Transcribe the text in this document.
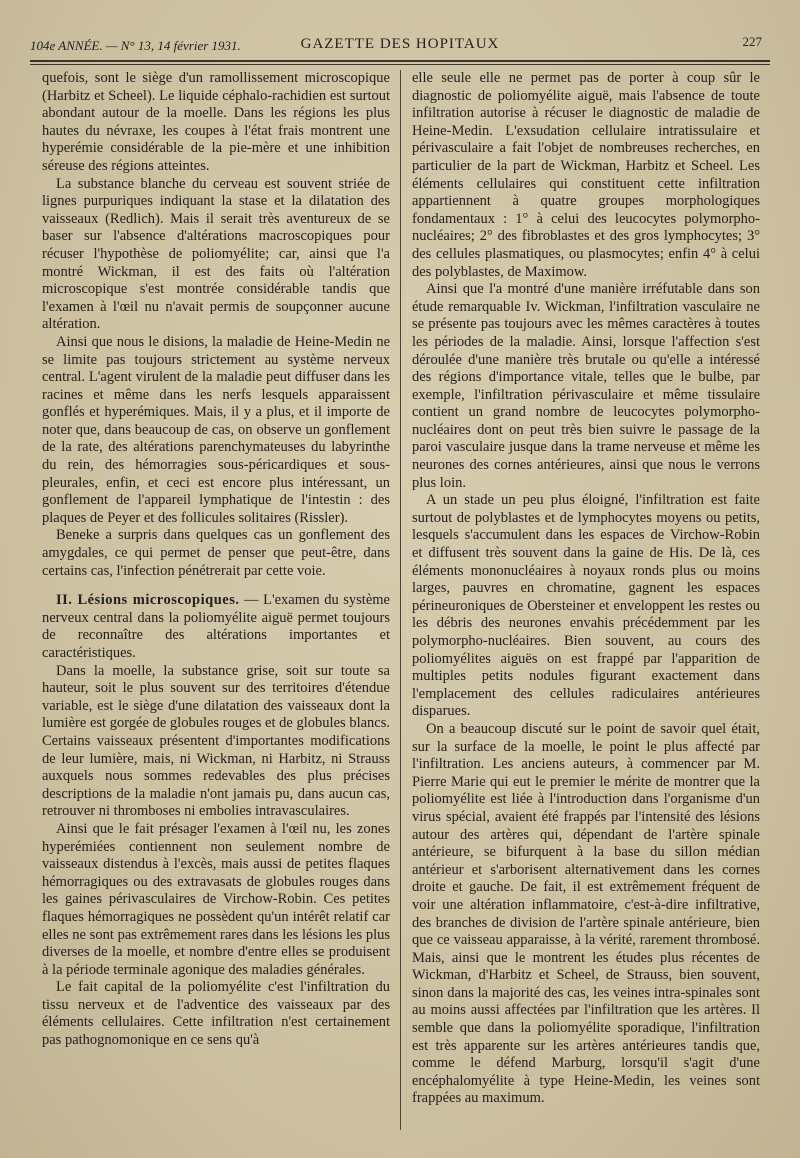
104e ANNÉE. — N° 13, 14 février 1931.	GAZETTE DES HOPITAUX	227

quefois, sont le siège d'un ramollissement microscopique (Harbitz et Scheel). Le liquide céphalo-rachidien est surtout abondant autour de la moelle. Dans les régions les plus hautes du névraxe, les coupes à l'état frais montrent une hyperémie considérable de la pie-mère et une inhibition séreuse des régions atteintes.

La substance blanche du cerveau est souvent striée de lignes purpuriques indiquant la stase et la dilatation des vaisseaux (Redlich). Mais il serait très aventureux de se baser sur l'absence d'altérations macroscopiques pour récuser l'hypothèse de poliomyélite; car, ainsi que l'a montré Wickman, il est des faits où l'altération microscopique s'est montrée considérable tandis que l'examen à l'œil nu n'avait permis de soupçonner aucune altération.

Ainsi que nous le disions, la maladie de Heine-Medin ne se limite pas toujours strictement au système nerveux central. L'agent virulent de la maladie peut diffuser dans les racines et même dans les nerfs lesquels apparaissent gonflés et hyperémiques. Mais, il y a plus, et il importe de noter que, dans beaucoup de cas, on observe un gonflement de la rate, des altérations parenchymateuses du labyrinthe du rein, des hémorragies sous-péricardiques et sous-pleurales, enfin, et ceci est encore plus intéressant, un gonflement de l'appareil lymphatique de l'intestin : des plaques de Peyer et des follicules solitaires (Rissler).

Beneke a surpris dans quelques cas un gonflement des amygdales, ce qui permet de penser que peut-être, dans certains cas, l'infection pénétrerait par cette voie.

II. Lésions microscopiques. — L'examen du système nerveux central dans la poliomyélite aiguë permet toujours de reconnaître des altérations importantes et caractéristiques.

Dans la moelle, la substance grise, soit sur toute sa hauteur, soit le plus souvent sur des territoires d'étendue variable, est le siège d'une dilatation des vaisseaux dont la lumière est gorgée de globules rouges et de globules blancs. Certains vaisseaux présentent d'importantes modifications de leur lumière, mais, ni Wickman, ni Harbitz, ni Strauss auxquels nous sommes redevables des plus précises descriptions de la maladie n'ont jamais pu, dans aucun cas, retrouver ni thromboses ni embolies intravasculaires.

Ainsi que le fait présager l'examen à l'œil nu, les zones hyperémiées contiennent non seulement nombre de vaisseaux distendus à l'excès, mais aussi de petites flaques hémorragiques ou des extravasats de globules rouges dans les gaines périvasculaires de Virchow-Robin. Ces petites flaques hémorragiques ne possèdent qu'un intérêt relatif car elles ne sont pas extrêmement rares dans les lésions les plus diverses de la moelle, et nombre d'entre elles se produisent à la période terminale agonique des maladies générales.

Le fait capital de la poliomyélite c'est l'infiltration du tissu nerveux et de l'adventice des vaisseaux par des éléments cellulaires. Cette infiltration n'est certainement pas pathognomonique en ce sens qu'à

elle seule elle ne permet pas de porter à coup sûr le diagnostic de poliomyélite aiguë, mais l'absence de toute infiltration autorise à récuser le diagnostic de maladie de Heine-Medin. L'exsudation cellulaire intratissulaire et périvasculaire a fait l'objet de nombreuses recherches, en particulier de la part de Wickman, Harbitz et Scheel. Les éléments cellulaires qui constituent cette infiltration appartiennent à quatre groupes morphologiques fondamentaux : 1° à celui des leucocytes polymorpho-nucléaires; 2° des fibroblastes et des gros lymphocytes; 3° des cellules plasmatiques, ou plasmocytes; enfin 4° à celui des polyblastes, de Maximow.

Ainsi que l'a montré d'une manière irréfutable dans son étude remarquable Iv. Wickman, l'infiltration vasculaire ne se présente pas toujours avec les mêmes caractères à toutes les périodes de la maladie. Ainsi, lorsque l'affection s'est déroulée d'une manière très brutale ou qu'elle a intéressé des régions d'importance vitale, telles que le bulbe, par exemple, l'infiltration périvasculaire et même tissulaire contient un grand nombre de leucocytes polymorpho-nucléaires dont on peut très bien suivre le passage de la paroi vasculaire jusque dans la trame nerveuse et même les neurones des cornes antérieures, ainsi que nous le verrons plus loin.

A un stade un peu plus éloigné, l'infiltration est faite surtout de polyblastes et de lymphocytes moyens ou petits, lesquels s'accumulent dans les espaces de Virchow-Robin et diffusent très souvent dans la gaine de His. De là, ces éléments mononucléaires à noyaux ronds plus ou moins larges, pauvres en chromatine, gagnent les espaces périneuroniques de Obersteiner et enveloppent les restes ou les débris des neurones envahis précédemment par les polymorpho-nucléaires. Bien souvent, au cours des poliomyélites aiguës on est frappé par l'apparition de multiples petits nodules figurant exactement dans l'emplacement des cellules radiculaires antérieures disparues.

On a beaucoup discuté sur le point de savoir quel était, sur la surface de la moelle, le point le plus affecté par l'infiltration. Les anciens auteurs, à commencer par M. Pierre Marie qui eut le premier le mérite de montrer que la poliomyélite est liée à l'introduction dans l'organisme d'un virus spécial, avaient été frappés par l'intensité des lésions autour des artères qui, dépendant de l'artère spinale antérieure, se bifurquent à la base du sillon médian antérieur et s'arborisent alternativement dans les cornes droite et gauche. De fait, il est extrêmement fréquent de voir une altération inflammatoire, c'est-à-dire infiltrative, des branches de division de l'artère spinale antérieure, bien que ce vaisseau apparaisse, à la vérité, rarement thrombosé. Mais, ainsi que le montrent les études plus récentes de Wickman, d'Harbitz et Scheel, de Strauss, bien souvent, sinon dans la majorité des cas, les veines intra-spinales sont au moins aussi affectées par l'infiltration que les artères. Il semble que dans la poliomyélite sporadique, l'infiltration est très apparente sur les artères antérieures tandis que, comme le défend Marburg, lorsqu'il s'agit d'une encéphalomyélite à type Heine-Medin, les veines sont frappées au maximum.
